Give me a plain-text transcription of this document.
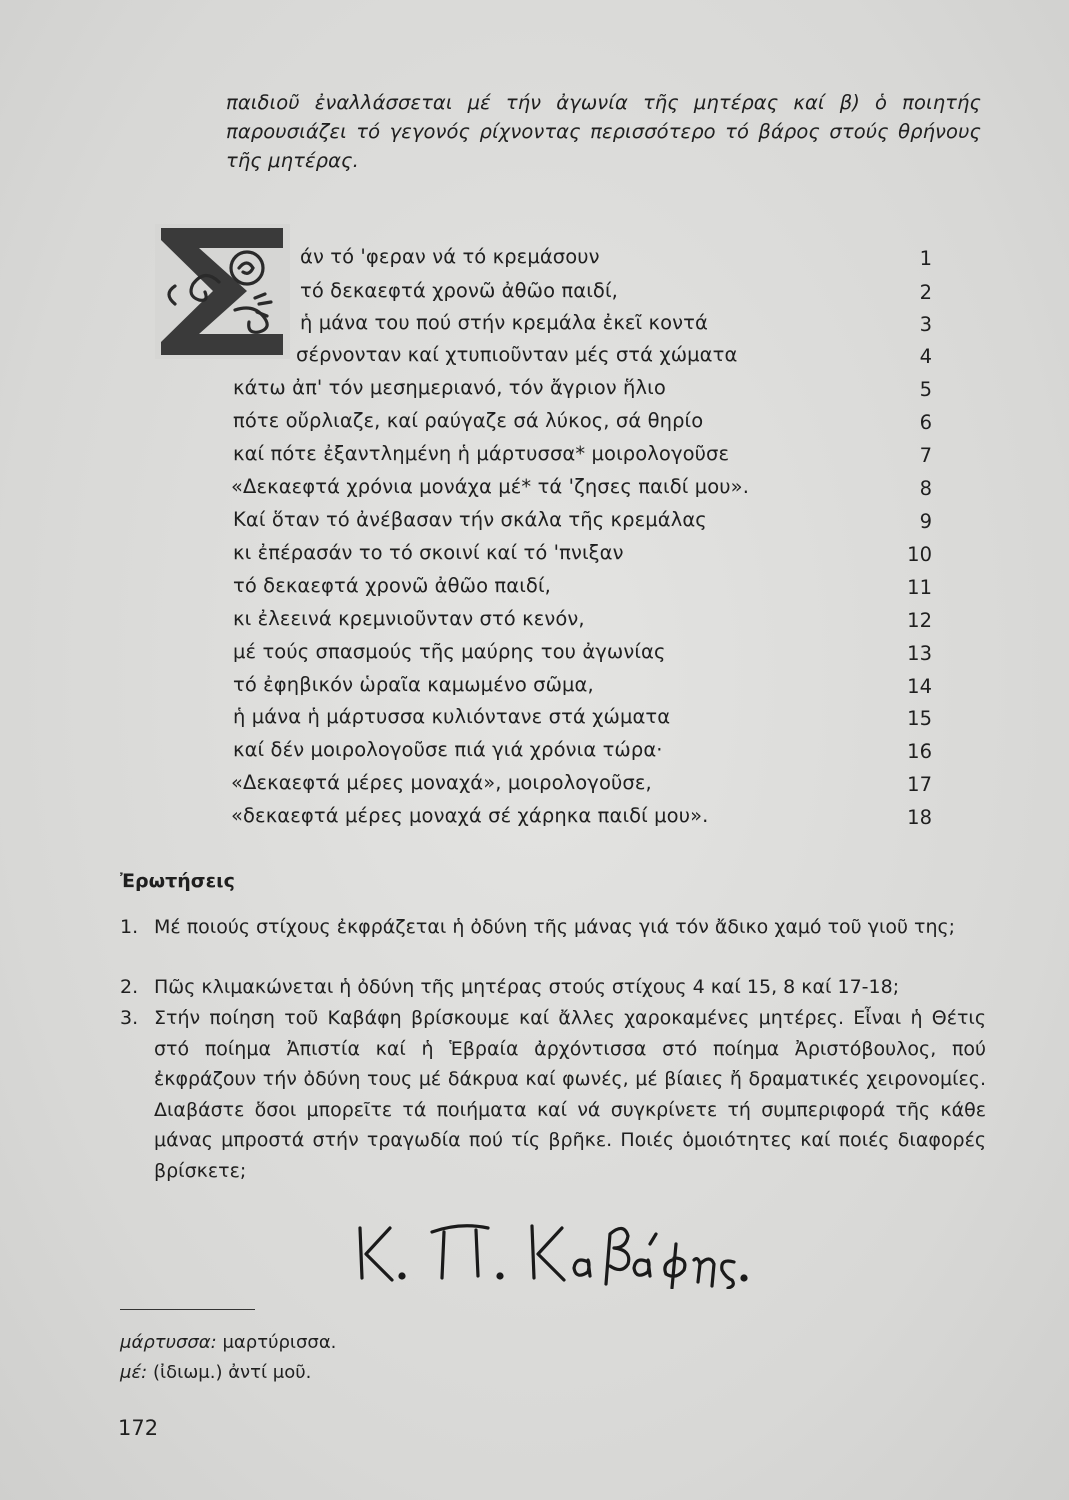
παιδιοῦ ἐναλλάσσεται μέ τήν ἀγωνία τῆς μητέρας καί β) ὁ ποιητής παρουσιάζει τό γεγονός ρίχνοντας περισσότερο τό βάρος στούς θρήνους τῆς μητέρας.
άν τό 'φεραν νά τό κρεμάσουν
τό δεκαεφτά χρονῶ ἀθῶο παιδί,
ἡ μάνα του πού στήν κρεμάλα ἐκεῖ κοντά
σέρνονταν καί χτυπιοῦνταν μές στά χώματα
κάτω ἀπ' τόν μεσημεριανό, τόν ἄγριον ἥλιο
πότε οὔρλιαζε, καί ραύγαζε σά λύκος, σά θηρίο
καί πότε ἐξαντλημένη ἡ μάρτυσσα* μοιρολογοῦσε
«Δεκαεφτά χρόνια μονάχα μέ* τά 'ζησες παιδί μου».
Καί ὅταν τό ἀνέβασαν τήν σκάλα τῆς κρεμάλας
κι ἐπέρασάν το τό σκοινί καί τό 'πνιξαν
τό δεκαεφτά χρονῶ ἀθῶο παιδί,
κι ἐλεεινά κρεμνιοῦνταν στό κενόν,
μέ τούς σπασμούς τῆς μαύρης του ἀγωνίας
τό ἐφηβικόν ὡραῖα καμωμένο σῶμα,
ἡ μάνα ἡ μάρτυσσα κυλιόντανε στά χώματα
καί δέν μοιρολογοῦσε πιά γιά χρόνια τώρα·
«Δεκαεφτά μέρες μοναχά», μοιρολογοῦσε,
«δεκαεφτά μέρες μοναχά σέ χάρηκα παιδί μου».
1
2
3
4
5
6
7
8
9
10
11
12
13
14
15
16
17
18
Ἐρωτήσεις
1. Μέ ποιούς στίχους ἐκφράζεται ἡ ὀδύνη τῆς μάνας γιά τόν ἄδικο χαμό τοῦ γιοῦ της;
2. Πῶς κλιμακώνεται ἡ ὀδύνη τῆς μητέρας στούς στίχους 4 καί 15, 8 καί 17-18;
3. Στήν ποίηση τοῦ Καβάφη βρίσκουμε καί ἄλλες χαροκαμένες μητέρες. Εἶναι ἡ Θέτις στό ποίημα Ἀπιστία καί ἡ Ἑβραία ἀρχόντισσα στό ποίημα Ἀριστόβουλος, πού ἐκφράζουν τήν ὀδύνη τους μέ δάκρυα καί φωνές, μέ βίαιες ἤ δραματικές χειρονομίες. Διαβάστε ὅσοι μπορεῖτε τά ποιήματα καί νά συγκρίνετε τή συμπεριφορά τῆς κάθε μάνας μπροστά στήν τραγωδία πού τίς βρῆκε. Ποιές ὁμοιότητες καί ποιές διαφορές βρίσκετε;
μάρτυσσα: μαρτύρισσα.
μέ: (ἰδιωμ.) ἀντί μοῦ.
172
